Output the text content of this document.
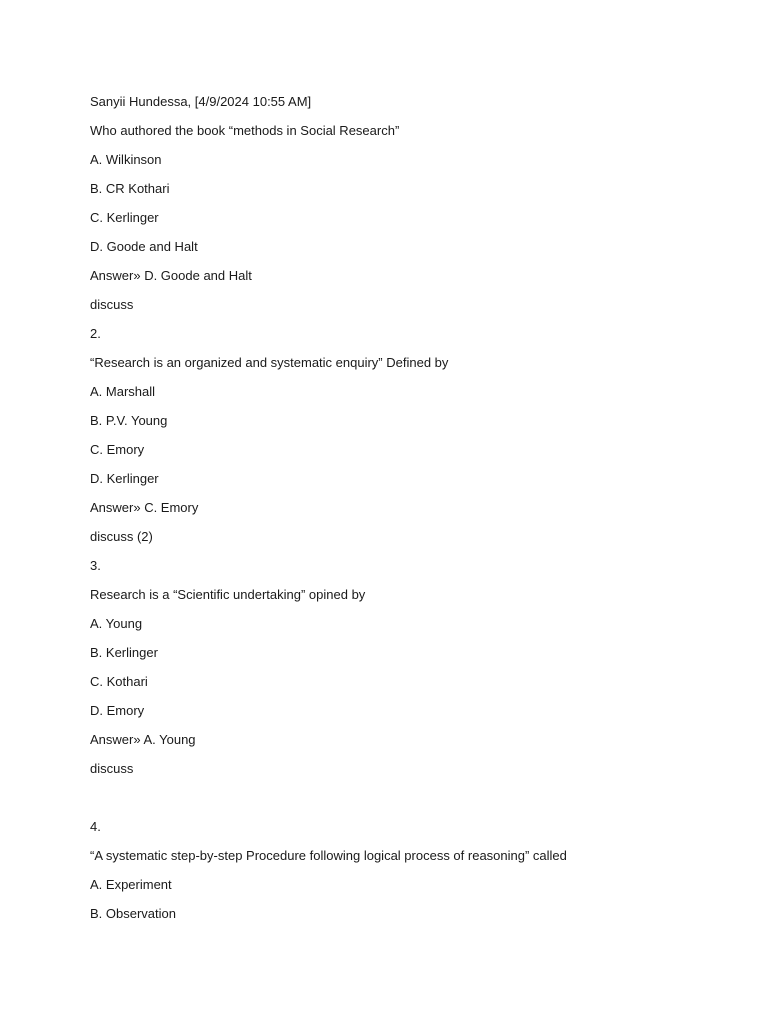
Sanyii Hundessa, [4/9/2024 10:55 AM]
Who authored the book “methods in Social Research”
A. Wilkinson
B. CR Kothari
C. Kerlinger
D. Goode and Halt
Answer» D. Goode and Halt
discuss
2.
“Research is an organized and systematic enquiry” Defined by
A. Marshall
B. P.V. Young
C. Emory
D. Kerlinger
Answer» C. Emory
discuss (2)
3.
Research is a “Scientific undertaking” opined by
A. Young
B. Kerlinger
C. Kothari
D. Emory
Answer» A. Young
discuss
4.
“A systematic step-by-step Procedure following logical process of reasoning” called
A. Experiment
B. Observation
